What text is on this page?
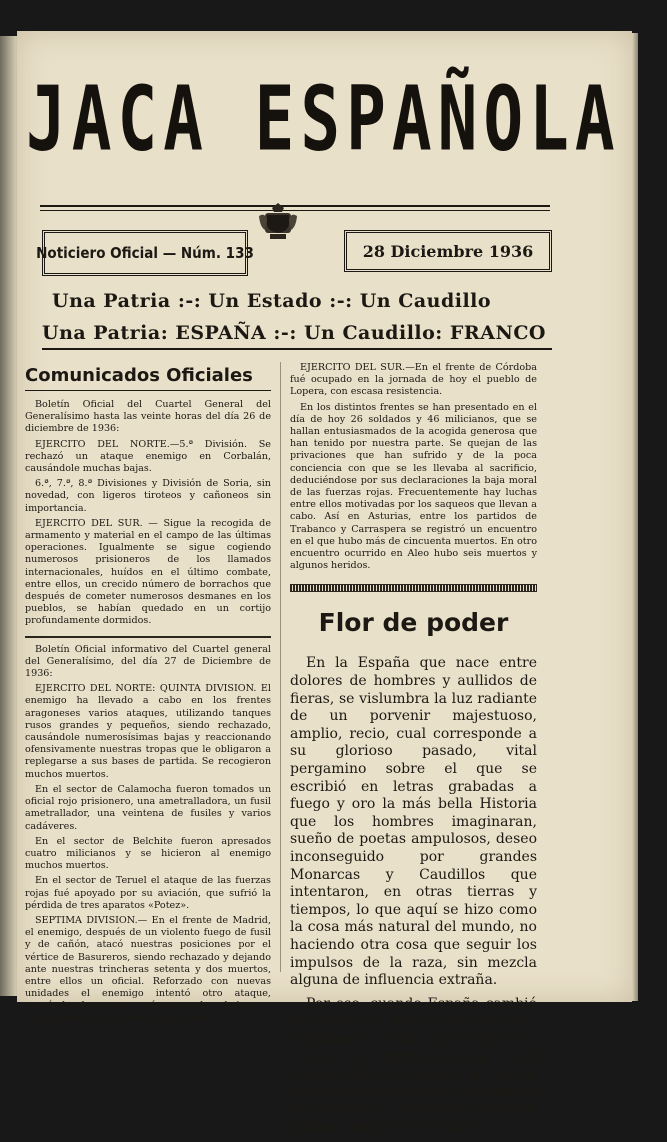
JACA ESPAÑOLA
Noticiero Oficial — Núm. 133	28 Diciembre 1936
Una Patria :-: Un Estado :-: Un Caudillo
Una Patria: ESPAÑA :-: Un Caudillo: FRANCO
Comunicados Oficiales

Boletín Oficial del Cuartel General del Generalísimo hasta las veinte horas del día 26 de diciembre de 1936:

EJERCITO DEL NORTE.—5.ª División. Se rechazó un ataque enemigo en Corbalán, causándole muchas bajas.

6.ª, 7.ª, 8.ª Divisiones y División de Soria, sin novedad, con ligeros tiroteos y cañoneos sin importancia.

EJERCITO DEL SUR. — Sigue la recogida de armamento y material en el campo de las últimas operaciones. Igualmente se sigue cogiendo numerosos prisioneros de los llamados internacionales, huídos en el último combate, entre ellos, un crecido número de borrachos que después de cometer numerosos desmanes en los pueblos, se habían quedado en un cortijo profundamente dormidos.

Boletín Oficial informativo del Cuartel general del Generalísimo, del día 27 de Diciembre de 1936:

EJERCITO DEL NORTE: QUINTA DIVISION. El enemigo ha llevado a cabo en los frentes aragoneses varios ataques, utilizando tanques rusos grandes y pequeños, siendo rechazado, causándole numerosísimas bajas y reaccionando ofensivamente nuestras tropas que le obligaron a replegarse a sus bases de partida. Se recogieron muchos muertos.

En el sector de Calamocha fueron tomados un oficial rojo prisionero, una ametralladora, un fusil ametrallador, una veintena de fusiles y varios cadáveres.

En el sector de Belchite fueron apresados cuatro milicianos y se hicieron al enemigo muchos muertos.

En el sector de Teruel el ataque de las fuerzas rojas fué apoyado por su aviación, que sufrió la pérdida de tres aparatos «Potez».

SEPTIMA DIVISION.— En el frente de Madrid, el enemigo, después de un violento fuego de fusil y de cañón, atacó nuestras posiciones por el vértice de Basureros, siendo rechazado y dejando ante nuestras trincheras setenta y dos muertos, entre ellos un oficial. Reforzado con nuevas unidades el enemigo intentó otro ataque, causándosele gran número de bajas y obligándosele a retirarse castigadísimo.

EJERCITO DEL SUR.—En el frente de Córdoba fué ocupado en la jornada de hoy el pueblo de Lopera, con escasa resistencia.

En los distintos frentes se han presentado en el día de hoy 26 soldados y 46 milicianos, que se hallan entusiasmados de la acogida generosa que han tenido por nuestra parte. Se quejan de las privaciones que han sufrido y de la poca conciencia con que se les llevaba al sacrificio, deduciéndose por sus declaraciones la baja moral de las fuerzas rojas. Frecuentemente hay luchas entre ellos motivadas por los saqueos que llevan a cabo. Así en Asturias, entre los partidos de Trabanco y Carraspera se registró un encuentro en el que hubo más de cincuenta muertos. En otro encuentro ocurrido en Aleo hubo seis muertos y algunos heridos.

Flor de poder

En la España que nace entre dolores de hombres y aullidos de fieras, se vislumbra la luz radiante de un porvenir majestuoso, amplio, recio, cual corresponde a su glorioso pasado, vital pergamino sobre el que se escribió en letras grabadas a fuego y oro la más bella Historia que los hombres imaginaran, sueño de poetas ampulosos, deseo inconseguido por grandes Monarcas y Caudillos que intentaron, en otras tierras y tiempos, lo que aquí se hizo como la cosa más natural del mundo, no haciendo otra cosa que seguir los impulsos de la raza, sin mezcla alguna de influencia extraña.

Por eso, cuando España cambió de postura y dióse a seguir rutas exóticas, su rumbo fué a la deriva, y aquí se cometieron mil y mil dislates bajo la insania de copiar modelos extranjeros y la estupidez de considerar inferiores nuestros modos, que por el hecho de
